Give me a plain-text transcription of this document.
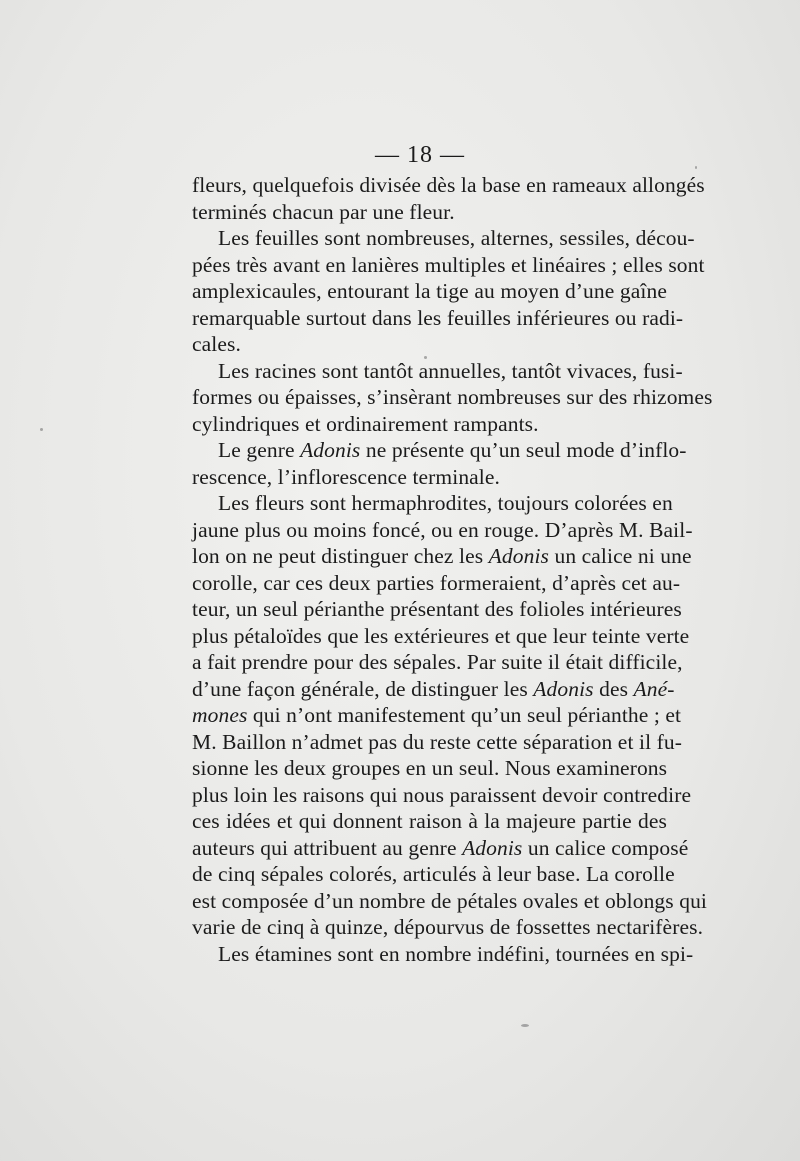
— 18 —

fleurs, quelquefois divisée dès la base en rameaux allongés
terminés chacun par une fleur.

Les feuilles sont nombreuses, alternes, sessiles, décou-
pées très avant en lanières multiples et linéaires ; elles sont
amplexicaules, entourant la tige au moyen d’une gaîne
remarquable surtout dans les feuilles inférieures ou radi-
cales.

Les racines sont tantôt annuelles, tantôt vivaces, fusi-
formes ou épaisses, s’insèrant nombreuses sur des rhizomes
cylindriques et ordinairement rampants.

Le genre Adonis ne présente qu’un seul mode d’inflo-
rescence, l’inflorescence terminale.

Les fleurs sont hermaphrodites, toujours colorées en
jaune plus ou moins foncé, ou en rouge. D’après M. Bail-
lon on ne peut distinguer chez les Adonis un calice ni une
corolle, car ces deux parties formeraient, d’après cet au-
teur, un seul périanthe présentant des folioles intérieures
plus pétaloïdes que les extérieures et que leur teinte verte
a fait prendre pour des sépales. Par suite il était difficile,
d’une façon générale, de distinguer les Adonis des Ané-
mones qui n’ont manifestement qu’un seul périanthe ; et
M. Baillon n’admet pas du reste cette séparation et il fu-
sionne les deux groupes en un seul. Nous examinerons
plus loin les raisons qui nous paraissent devoir contredire
ces idées et qui donnent raison à la majeure partie des
auteurs qui attribuent au genre Adonis un calice composé
de cinq sépales colorés, articulés à leur base. La corolle
est composée d’un nombre de pétales ovales et oblongs qui
varie de cinq à quinze, dépourvus de fossettes nectarifères.

Les étamines sont en nombre indéfini, tournées en spi-
